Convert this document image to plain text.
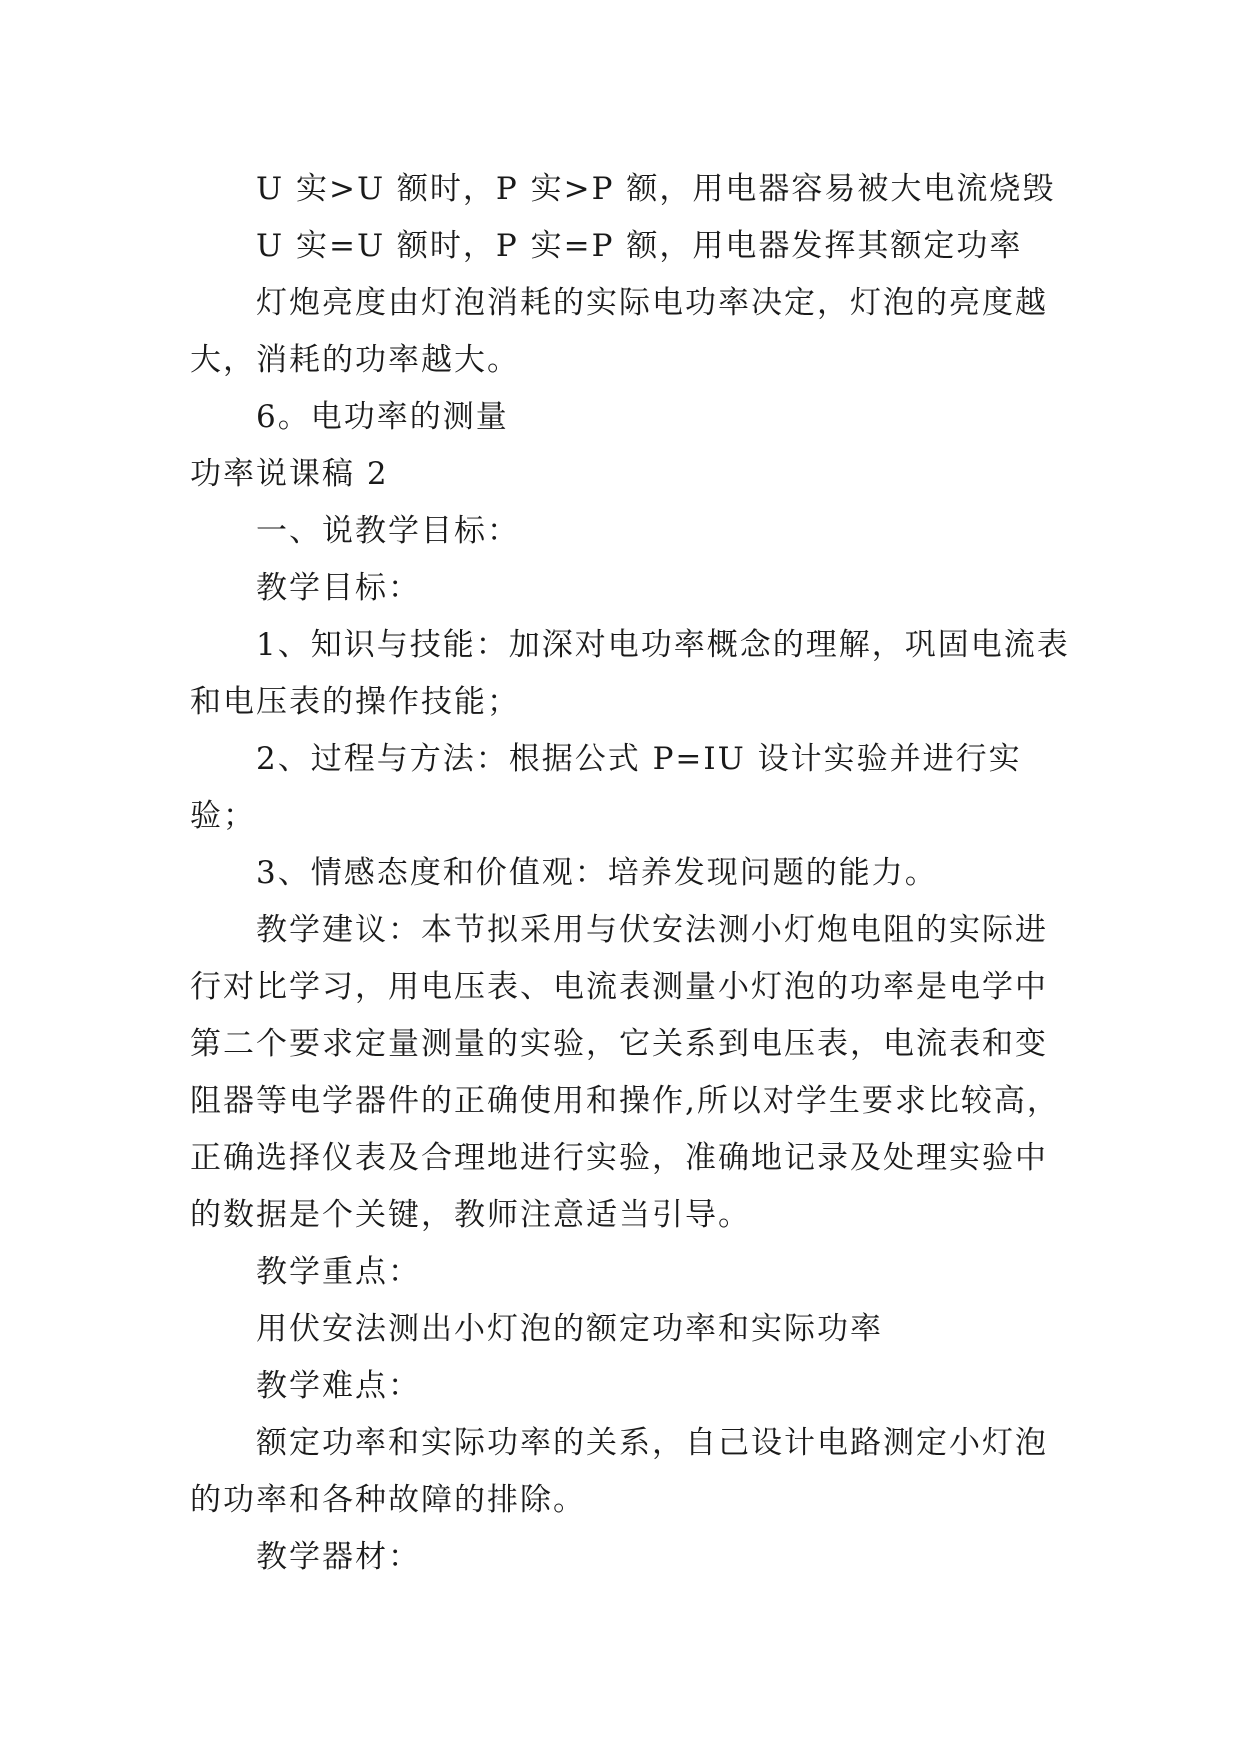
U 实>U 额时，P 实>P 额，用电器容易被大电流烧毁

U 实=U 额时，P 实=P 额，用电器发挥其额定功率

灯炮亮度由灯泡消耗的实际电功率决定，灯泡的亮度越大，消耗的功率越大。

6。电功率的测量

功率说课稿 2

一、说教学目标：

教学目标：

1、知识与技能：加深对电功率概念的理解，巩固电流表和电压表的操作技能；

2、过程与方法：根据公式 P=IU 设计实验并进行实验；

3、情感态度和价值观：培养发现问题的能力。

教学建议：本节拟采用与伏安法测小灯炮电阻的实际进行对比学习，用电压表、电流表测量小灯泡的功率是电学中第二个要求定量测量的实验，它关系到电压表，电流表和变阻器等电学器件的正确使用和操作,所以对学生要求比较高，正确选择仪表及合理地进行实验，准确地记录及处理实验中的数据是个关键，教师注意适当引导。

教学重点：

用伏安法测出小灯泡的额定功率和实际功率

教学难点：

额定功率和实际功率的关系，自己设计电路测定小灯泡的功率和各种故障的排除。

教学器材：
